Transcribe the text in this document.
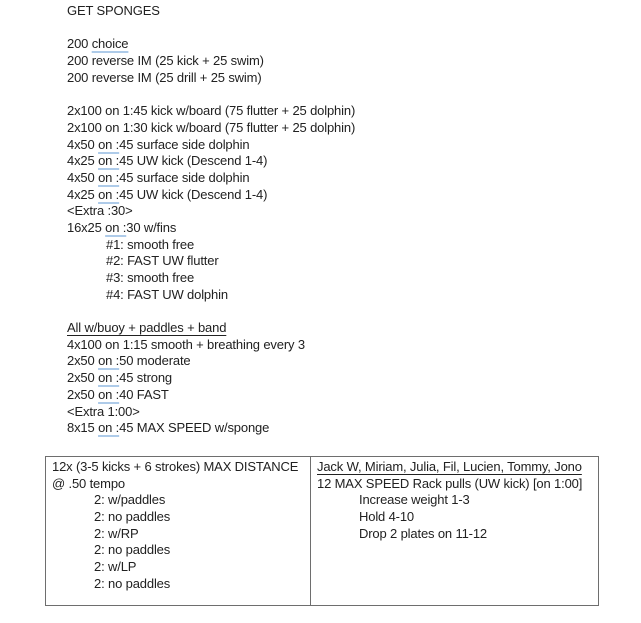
GET SPONGES
200 choice
200 reverse IM (25 kick + 25 swim)
200 reverse IM (25 drill + 25 swim)
2x100 on 1:45 kick w/board (75 flutter + 25 dolphin)
2x100 on 1:30 kick w/board (75 flutter + 25 dolphin)
4x50 on :45 surface side dolphin
4x25 on :45 UW kick (Descend 1-4)
4x50 on :45 surface side dolphin
4x25 on :45 UW kick (Descend 1-4)
<Extra :30>
16x25 on :30 w/fins
#1: smooth free
#2: FAST UW flutter
#3: smooth free
#4: FAST UW dolphin
All w/buoy + paddles + band
4x100 on 1:15 smooth + breathing every 3
2x50 on :50 moderate
2x50 on :45 strong
2x50 on :40 FAST
<Extra 1:00>
8x15 on :45 MAX SPEED w/sponge
12x (3-5 kicks + 6 strokes) MAX DISTANCE
@ .50 tempo
2: w/paddles
2: no paddles
2: w/RP
2: no paddles
2: w/LP
2: no paddles
Jack W, Miriam, Julia, Fil, Lucien, Tommy, Jono
12 MAX SPEED Rack pulls (UW kick) [on 1:00]
Increase weight 1-3
Hold 4-10
Drop 2 plates on 11-12
